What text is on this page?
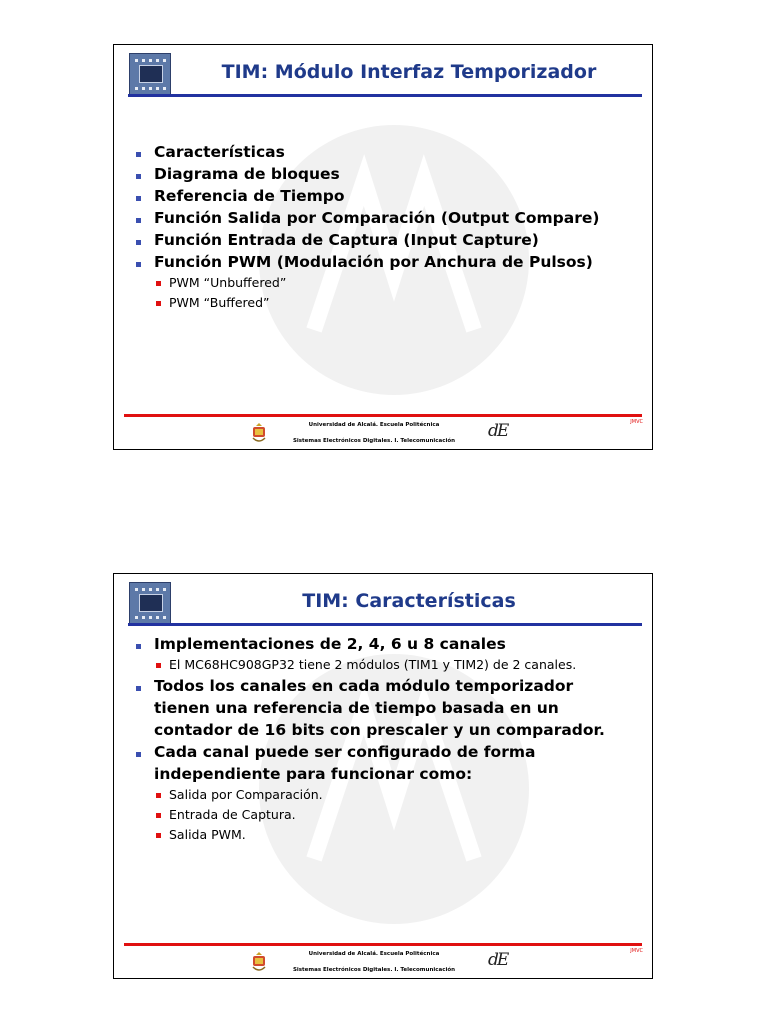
TIM: Módulo Interfaz Temporizador
Características
Diagrama de bloques
Referencia de Tiempo
Función Salida por Comparación (Output Compare)
Función Entrada de Captura (Input Capture)
Función PWM (Modulación por Anchura de Pulsos)
PWM “Unbuffered”
PWM “Buffered”
JMVC

Universidad de Alcalá. Escuela Politécnica

Sistemas Electrónicos Digitales. I. Telecomunicación	dE
TIM: Características
Implementaciones de 2, 4, 6 u 8 canales
El MC68HC908GP32 tiene 2 módulos (TIM1 y TIM2) de 2 canales.
Todos los canales en cada módulo temporizador
tienen una referencia de tiempo basada en un
contador de 16 bits con prescaler y un comparador.
Cada canal puede ser configurado de forma
independiente para funcionar como:
Salida por Comparación.
Entrada de Captura.
Salida PWM.
JMVC

Universidad de Alcalá. Escuela Politécnica

Sistemas Electrónicos Digitales. I. Telecomunicación	dE
